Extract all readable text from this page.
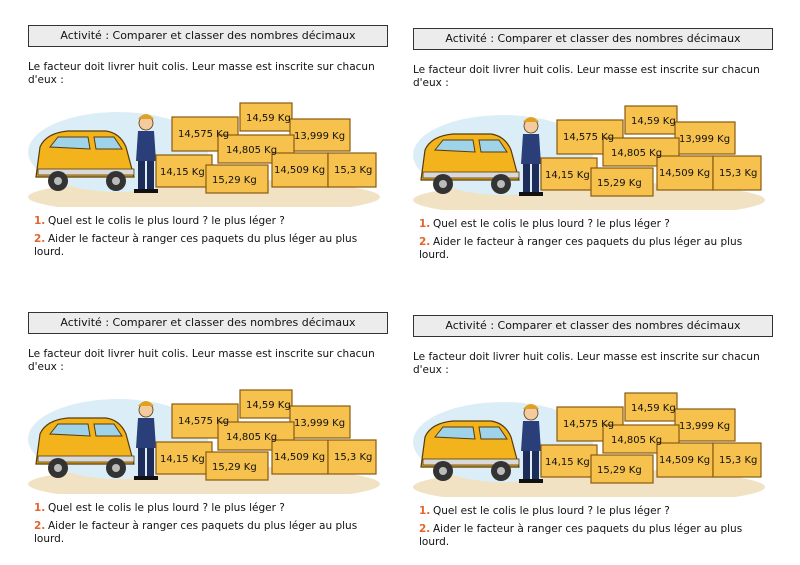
Activité : Comparer et classer des nombres décimaux
Le facteur doit livrer huit colis. Leur masse est inscrite sur chacun d'eux :
14,575 Kg
14,59 Kg
13,999 Kg
14,805 Kg
14,15 Kg
15,29 Kg
14,509 Kg 15,3 Kg
1. Quel est le colis le plus lourd ? le plus léger ?
2. Aider le facteur à ranger ces paquets du plus léger au plus lourd.
Activité : Comparer et classer des nombres décimaux
Le facteur doit livrer huit colis. Leur masse est inscrite sur chacun d'eux :
14,575 Kg
14,59 Kg
13,999 Kg
14,805 Kg
14,15 Kg
15,29 Kg
14,509 Kg 15,3 Kg
1. Quel est le colis le plus lourd ? le plus léger ?
2. Aider le facteur à ranger ces paquets du plus léger au plus lourd.
Activité : Comparer et classer des nombres décimaux
Le facteur doit livrer huit colis. Leur masse est inscrite sur chacun d'eux :
14,575 Kg
14,59 Kg
13,999 Kg
14,805 Kg
14,15 Kg
15,29 Kg
14,509 Kg 15,3 Kg
1. Quel est le colis le plus lourd ? le plus léger ?
2. Aider le facteur à ranger ces paquets du plus léger au plus lourd.
Activité : Comparer et classer des nombres décimaux
Le facteur doit livrer huit colis. Leur masse est inscrite sur chacun d'eux :
14,575 Kg
14,59 Kg
13,999 Kg
14,805 Kg
14,15 Kg
15,29 Kg
14,509 Kg 15,3 Kg
1. Quel est le colis le plus lourd ? le plus léger ?
2. Aider le facteur à ranger ces paquets du plus léger au plus lourd.
